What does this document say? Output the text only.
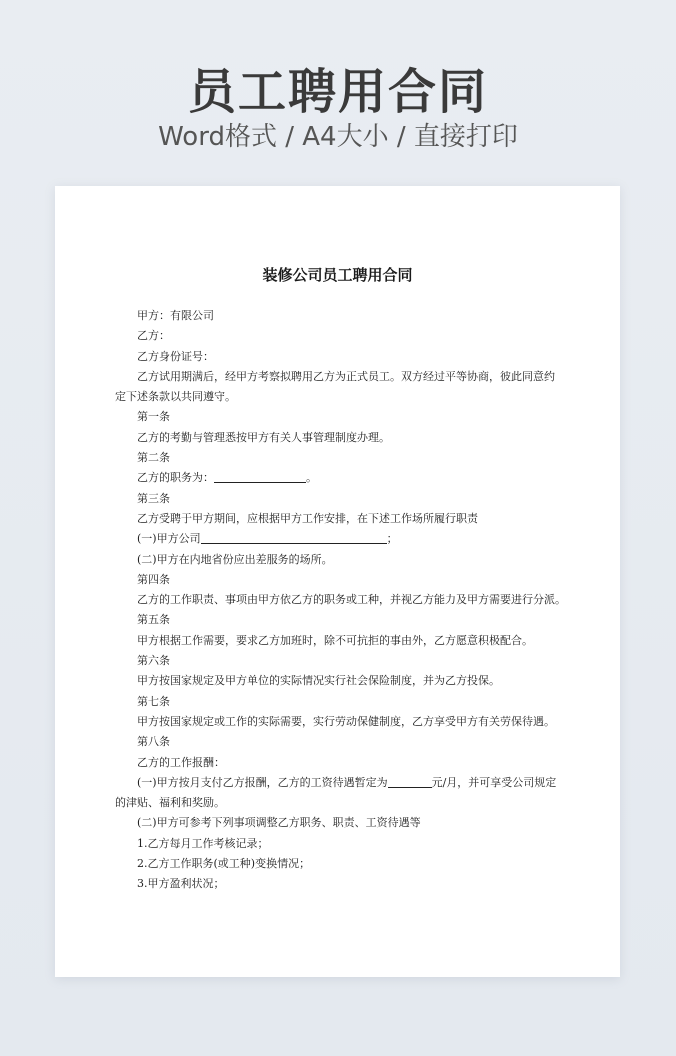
员工聘用合同
Word格式 / A4大小 / 直接打印
装修公司员工聘用合同
甲方：有限公司
乙方：
乙方身份证号：
乙方试用期满后，经甲方考察拟聘用乙方为正式员工。双方经过平等协商，彼此同意约
定下述条款以共同遵守。
第一条
乙方的考勤与管理悉按甲方有关人事管理制度办理。
第二条
乙方的职务为：	。
第三条
乙方受聘于甲方期间，应根据甲方工作安排，在下述工作场所履行职责
(一)甲方公司	；
(二)甲方在内地省份应出差服务的场所。
第四条
乙方的工作职责、事项由甲方依乙方的职务或工种，并视乙方能力及甲方需要进行分派。
第五条
甲方根据工作需要，要求乙方加班时，除不可抗拒的事由外，乙方愿意积极配合。
第六条
甲方按国家规定及甲方单位的实际情况实行社会保险制度，并为乙方投保。
第七条
甲方按国家规定或工作的实际需要，实行劳动保健制度，乙方享受甲方有关劳保待遇。
第八条
乙方的工作报酬：
(一)甲方按月支付乙方报酬，乙方的工资待遇暂定为	元/月，并可享受公司规定
的津贴、福利和奖励。
(二)甲方可参考下列事项调整乙方职务、职责、工资待遇等
1.乙方每月工作考核记录；
2.乙方工作职务(或工种)变换情况；
3.甲方盈利状况；
